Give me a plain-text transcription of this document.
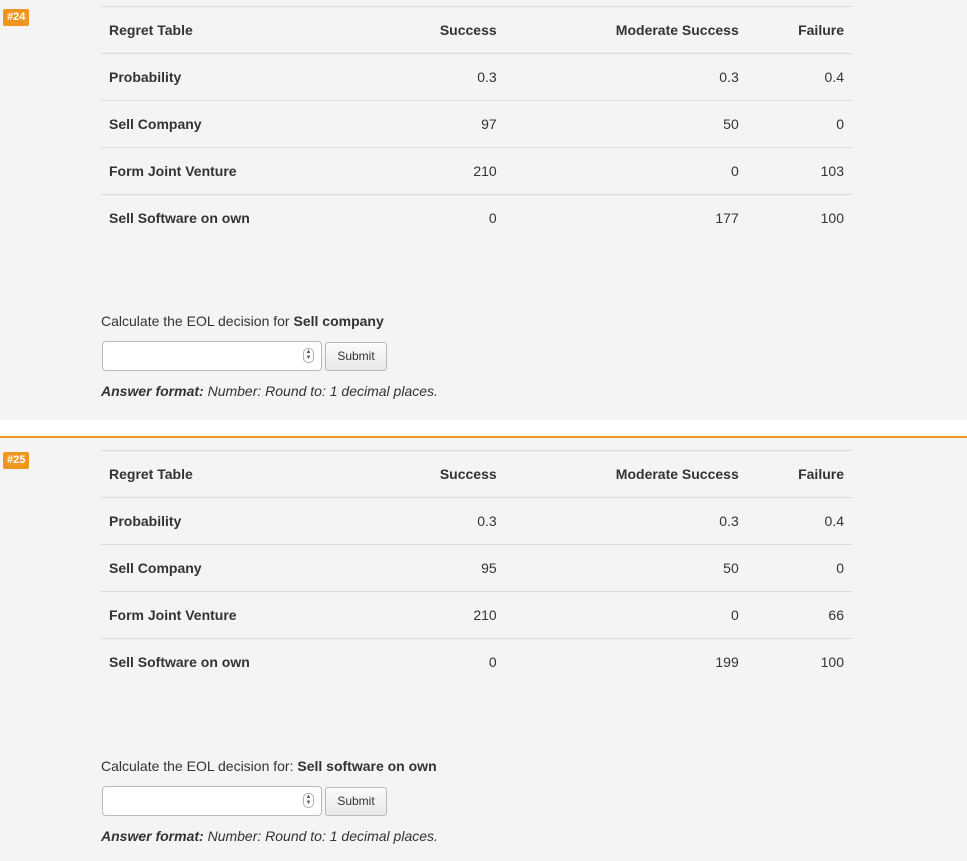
#24
Regret Table	Success	Moderate Success	Failure
Probability	0.3	0.3	0.4
Sell Company	97	50	0
Form Joint Venture	210	0	103
Sell Software on own	0	177	100
Calculate the EOL decision for Sell company
▲
▼	Submit
Answer format: Number: Round to: 1 decimal places.
#25
Regret Table	Success	Moderate Success	Failure
Probability	0.3	0.3	0.4
Sell Company	95	50	0
Form Joint Venture	210	0	66
Sell Software on own	0	199	100
Calculate the EOL decision for: Sell software on own
▲
▼	Submit
Answer format: Number: Round to: 1 decimal places.
